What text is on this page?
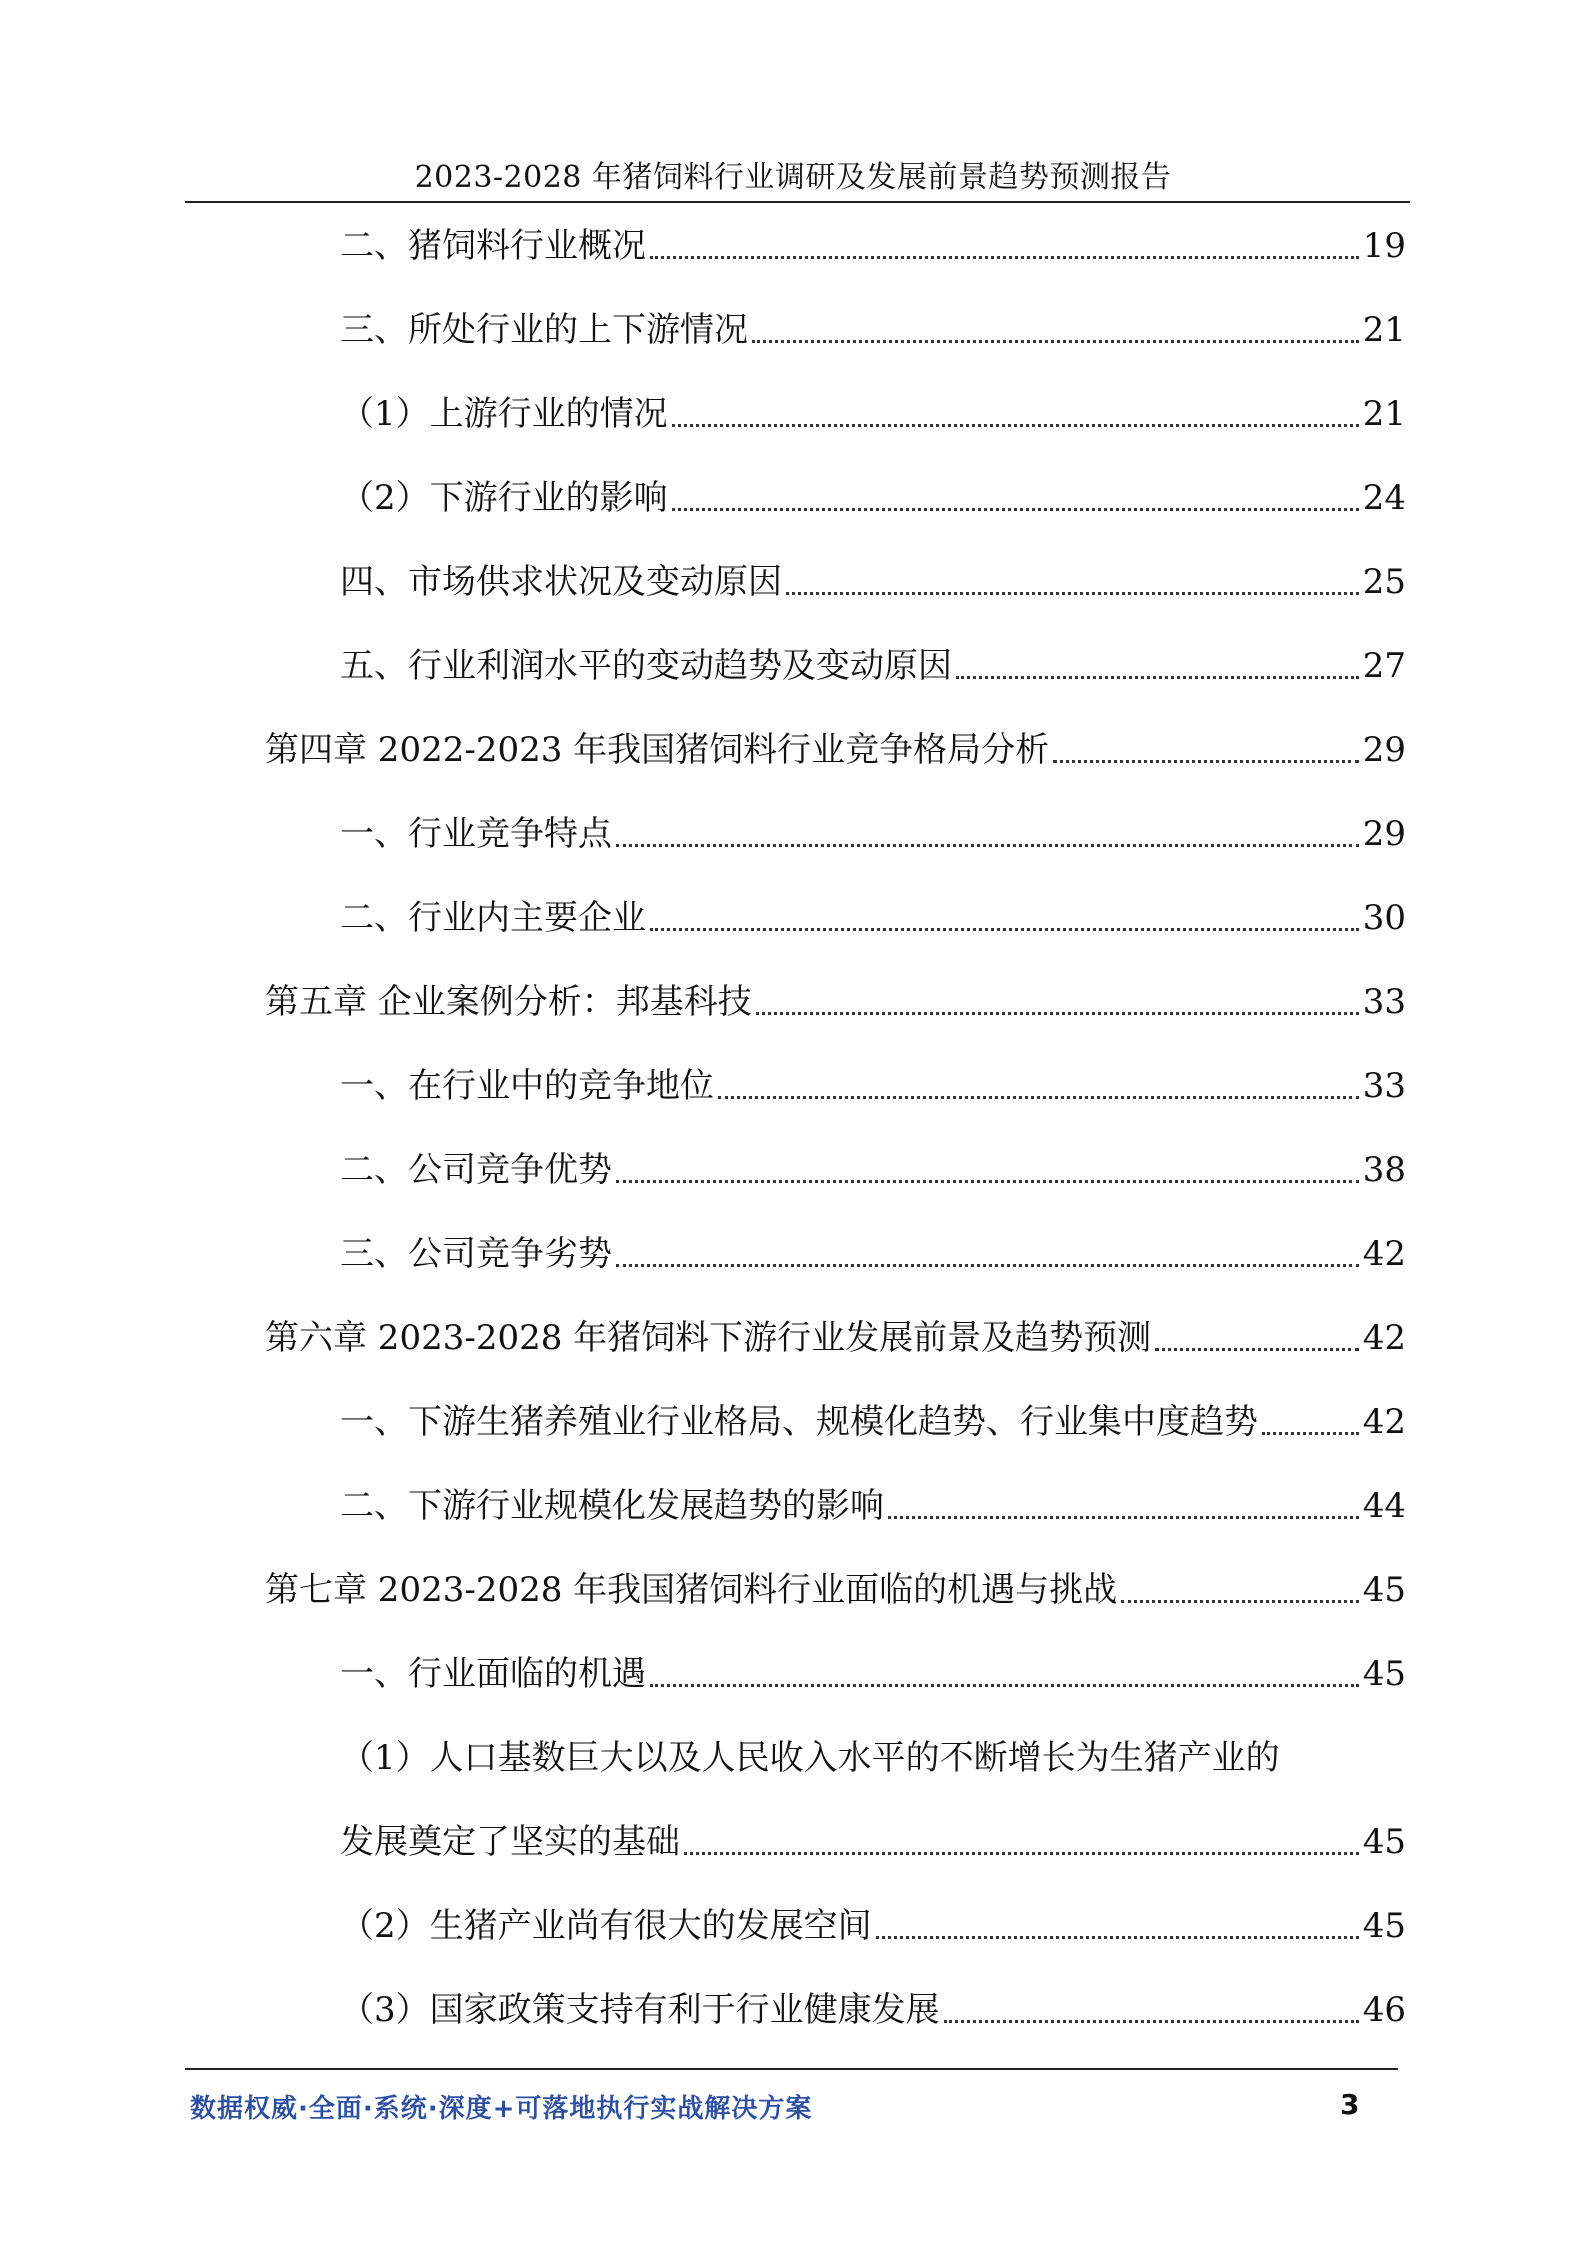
2023-2028 年猪饲料行业调研及发展前景趋势预测报告
二、猪饲料行业概况	19
三、所处行业的上下游情况	21
（1）上游行业的情况	21
（2）下游行业的影响	24
四、市场供求状况及变动原因	25
五、行业利润水平的变动趋势及变动原因	27
第四章 2022-2023 年我国猪饲料行业竞争格局分析	29
一、行业竞争特点	29
二、行业内主要企业	30
第五章 企业案例分析：邦基科技	33
一、在行业中的竞争地位	33
二、公司竞争优势	38
三、公司竞争劣势	42
第六章 2023-2028 年猪饲料下游行业发展前景及趋势预测	42
一、下游生猪养殖业行业格局、规模化趋势、行业集中度趋势	42
二、下游行业规模化发展趋势的影响	44
第七章 2023-2028 年我国猪饲料行业面临的机遇与挑战	45
一、行业面临的机遇	45
（1）人口基数巨大以及人民收入水平的不断增长为生猪产业的
发展奠定了坚实的基础	45
（2）生猪产业尚有很大的发展空间	45
（3）国家政策支持有利于行业健康发展	46
数据权威·全面·系统·深度+可落地执行实战解决方案	3
